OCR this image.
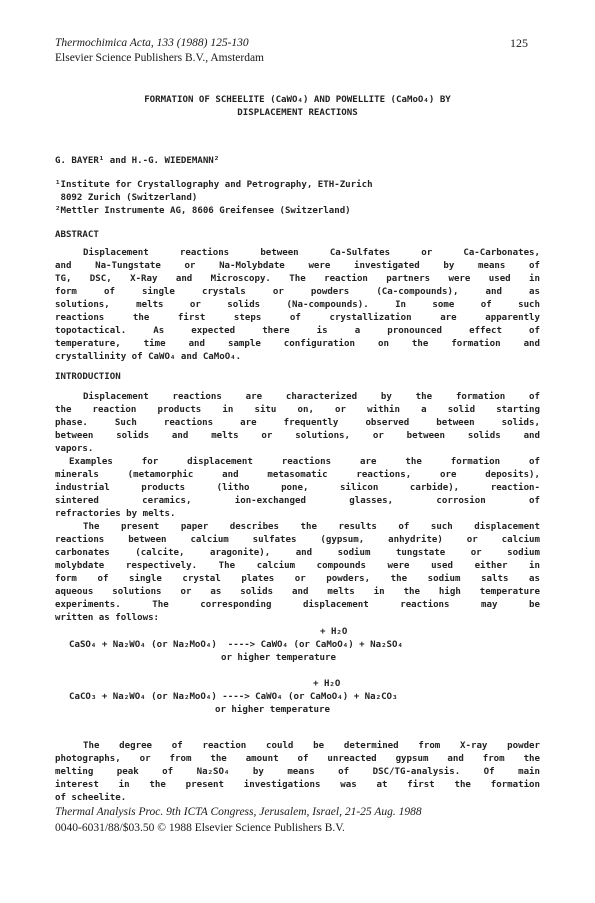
Thermochimica Acta, 133 (1988) 125-130	125
Elsevier Science Publishers B.V., Amsterdam
FORMATION OF SCHEELITE (CaWO₄) AND POWELLITE (CaMoO₄) BY
DISPLACEMENT REACTIONS
G. BAYER¹ and H.-G. WIEDEMANN²
¹Institute for Crystallography and Petrography, ETH-Zurich
8092 Zurich (Switzerland)
²Mettler Instrumente AG, 8606 Greifensee (Switzerland)
ABSTRACT
Displacement reactions between Ca-Sulfates or Ca-Carbonates,
and Na-Tungstate or Na-Molybdate were investigated by means of
TG, DSC, X-Ray and Microscopy. The reaction partners were used in
form of single crystals or powders (Ca-compounds), and as
solutions, melts or solids (Na-compounds). In some of such
reactions the first steps of crystallization are apparently
topotactical. As expected there is a pronounced effect of
temperature, time and sample configuration on the formation and
crystallinity of CaWO₄ and CaMoO₄.
INTRODUCTION
Displacement reactions are characterized by the formation of
the reaction products in situ on, or within a solid starting
phase. Such reactions are frequently observed between solids,
between solids and melts or solutions, or between solids and
vapors.
Examples for displacement reactions are the formation of
minerals (metamorphic and metasomatic reactions, ore deposits),
industrial products (litho pone, silicon carbide), reaction-
sintered ceramics, ion-exchanged glasses, corrosion of
refractories by melts.
The present paper describes the results of such displacement
reactions between calcium sulfates (gypsum, anhydrite) or calcium
carbonates (calcite, aragonite), and sodium tungstate or sodium
molybdate respectively. The calcium compounds were used either in
form of single crystal plates or powders, the sodium salts as
aqueous solutions or as solids and melts in the high temperature
experiments. The corresponding displacement reactions may be
written as follows:
+ H₂O
CaSO₄ + Na₂WO₄ (or Na₂MoO₄)  ----> CaWO₄ (or CaMoO₄) + Na₂SO₄
or higher temperature
+ H₂O
CaCO₃ + Na₂WO₄ (or Na₂MoO₄) ----> CaWO₄ (or CaMoO₄) + Na₂CO₃
or higher temperature
The degree of reaction could be determined from X-ray powder
photographs, or from the amount of unreacted gypsum and from the
melting peak of Na₂SO₄ by means of DSC/TG-analysis. Of main
interest in the present investigations was at first the formation
of scheelite.
Thermal Analysis Proc. 9th ICTA Congress, Jerusalem, Israel, 21-25 Aug. 1988
0040-6031/88/$03.50 © 1988 Elsevier Science Publishers B.V.
